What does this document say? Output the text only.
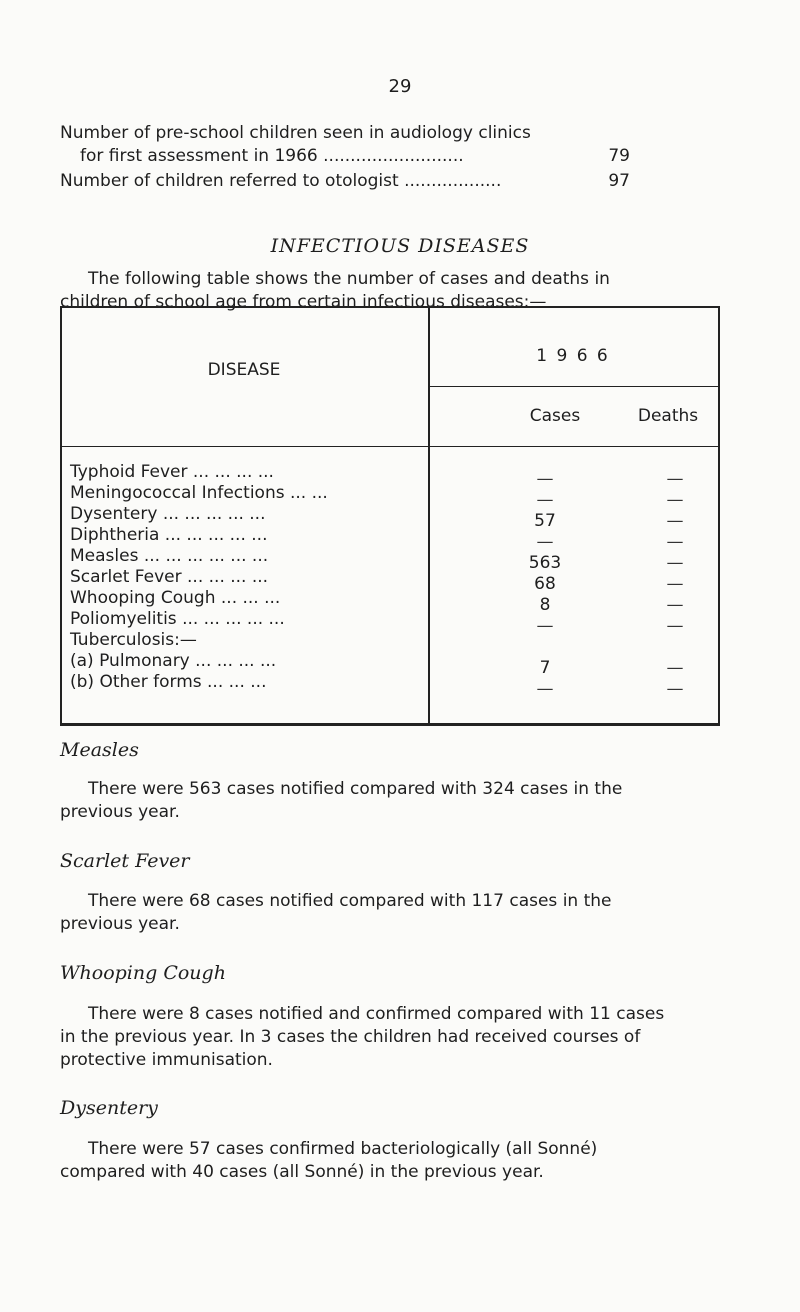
29
Number of pre-school children seen in audiology clinics
for first assessment in 1966 ..........................	79
Number of children referred to otologist ..................	97
INFECTIOUS DISEASES
The following table shows the number of cases and deaths in
children of school age from certain infectious diseases:—
DISEASE
1 9 6 6
Cases	Deaths
Typhoid Fever ... ... ... ...	—	—
Meningococcal Infections ... ...	—	—
Dysentery ... ... ... ... ...	57	—
Diphtheria ... ... ... ... ...	—	—
Measles ... ... ... ... ... ...	563	—
Scarlet Fever ... ... ... ...	68	—
Whooping Cough ... ... ...	8	—
Poliomyelitis ... ... ... ... ...	—	—
Tuberculosis:—
(a) Pulmonary ... ... ... ...	7	—
(b) Other forms ... ... ...	—	—
Measles
There were 563 cases notified compared with 324 cases in the
previous year.
Scarlet Fever
There were 68 cases notified compared with 117 cases in the
previous year.
Whooping Cough
There were 8 cases notified and confirmed compared with 11 cases
in the previous year. In 3 cases the children had received courses of
protective immunisation.
Dysentery
There were 57 cases confirmed bacteriologically (all Sonné)
compared with 40 cases (all Sonné) in the previous year.
